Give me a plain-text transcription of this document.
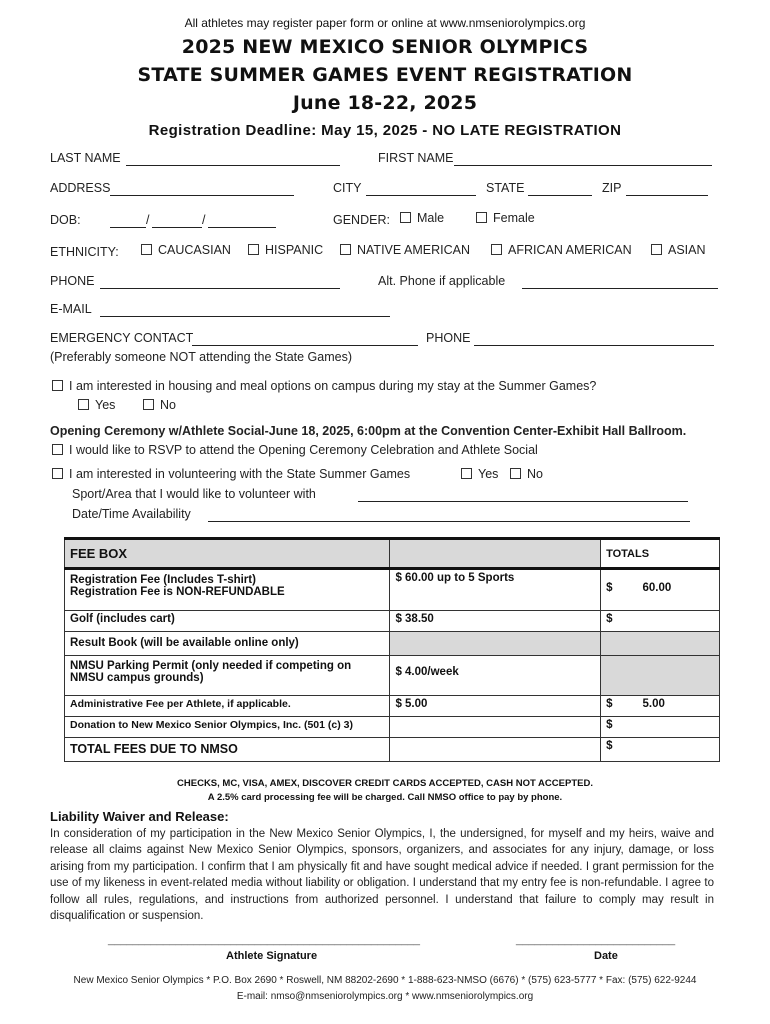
All athletes may register paper form or online at www.nmseniorolympics.org
2025 NEW MEXICO SENIOR OLYMPICS
STATE SUMMER GAMES EVENT REGISTRATION
June 18-22, 2025
Registration Deadline: May 15, 2025 - NO LATE REGISTRATION
LAST NAME	FIRST NAME
ADDRESS	CITY	STATE	ZIP
DOB:	/	/	GENDER:	Male	Female
ETHNICITY:	CAUCASIAN	HISPANIC	NATIVE AMERICAN	AFRICAN AMERICAN	ASIAN
PHONE	Alt. Phone if applicable
E-MAIL
EMERGENCY CONTACT	PHONE
(Preferably someone NOT attending the State Games)
I am interested in housing and meal options on campus during my stay at the Summer Games?
Yes	No
Opening Ceremony w/Athlete Social-June 18, 2025, 6:00pm at the Convention Center-Exhibit Hall Ballroom.
I would like to RSVP to attend the Opening Ceremony Celebration and Athlete Social
I am interested in volunteering with the State Summer Games	Yes	No
Sport/Area that I would like to volunteer with
Date/Time Availability
FEE BOX		TOTALS

Registration Fee (Includes T-shirt)
Registration Fee is NON-REFUNDABLE	$ 60.00 up to 5 Sports	$ 60.00
Golf (includes cart)	$ 38.50	$
Result Book (will be available online only)		

NMSU Parking Permit (only needed if competing on
NMSU campus grounds)	$ 4.00/week	
Administrative Fee per Athlete, if applicable.	$ 5.00	$ 5.00
Donation to New Mexico Senior Olympics, Inc. (501 (c) 3)		$
TOTAL FEES DUE TO NMSO		$
CHECKS, MC, VISA, AMEX, DISCOVER CREDIT CARDS ACCEPTED, CASH NOT ACCEPTED.
A 2.5% card processing fee will be charged. Call NMSO office to pay by phone.
Liability Waiver and Release:
In consideration of my participation in the New Mexico Senior Olympics, I, the undersigned, for myself and my heirs, waive and release all claims against New Mexico Senior Olympics, sponsors, organizers, and associates for any injury, damage, or loss arising from my participation. I confirm that I am physically fit and have sought medical advice if needed. I grant permission for the use of my likeness in event-related media without liability or obligation. I understand that my entry fee is non-refundable. I agree to follow all rules, regulations, and instructions from authorized personnel. I understand that failure to comply may result in disqualification or suspension.
___________________________________________________	__________________________
Athlete Signature	Date
New Mexico Senior Olympics * P.O. Box 2690 * Roswell, NM 88202-2690 * 1-888-623-NMSO (6676) * (575) 623-5777 * Fax: (575) 622-9244
E-mail: nmso@nmseniorolympics.org * www.nmseniorolympics.org
